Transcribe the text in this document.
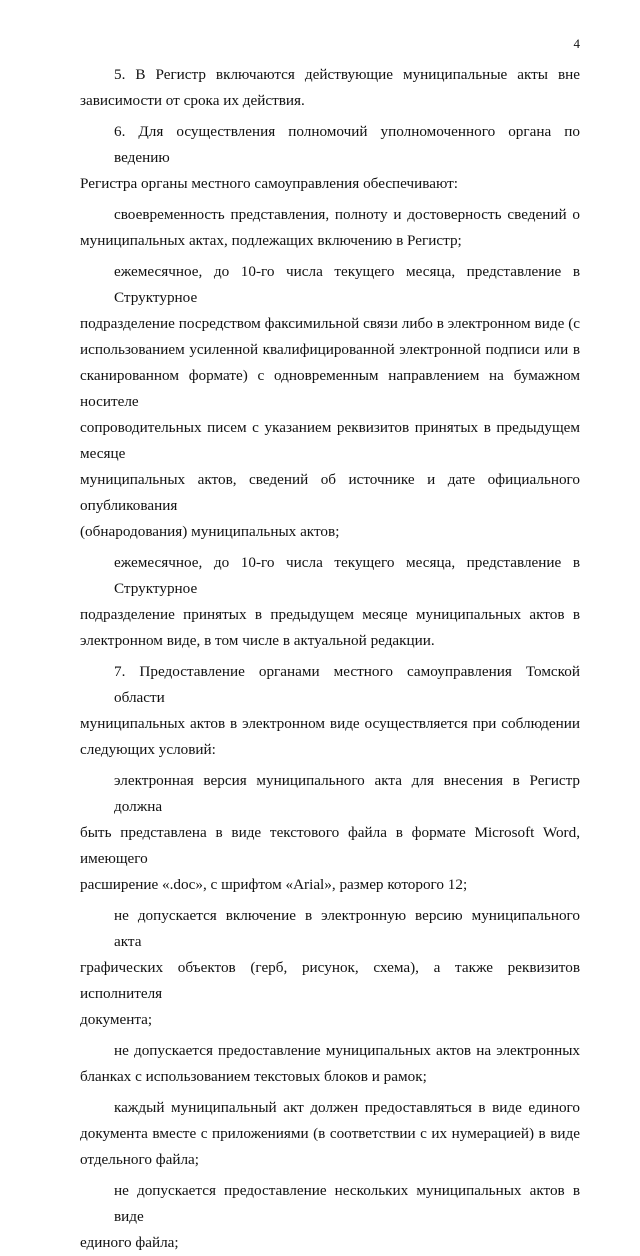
4
5. В Регистр включаются действующие муниципальные акты вне
зависимости от срока их действия.
6. Для осуществления полномочий уполномоченного органа по ведению
Регистра органы местного самоуправления обеспечивают:
своевременность представления, полноту и достоверность сведений о
муниципальных актах, подлежащих включению в Регистр;
ежемесячное, до 10-го числа текущего месяца, представление в Структурное
подразделение посредством факсимильной связи либо в электронном виде (с
использованием усиленной квалифицированной электронной подписи или в
сканированном формате) с одновременным направлением на бумажном носителе
сопроводительных писем с указанием реквизитов принятых в предыдущем месяце
муниципальных актов, сведений об источнике и дате официального опубликования
(обнародования) муниципальных актов;
ежемесячное, до 10-го числа текущего месяца, представление в Структурное
подразделение принятых в предыдущем месяце муниципальных актов в
электронном виде, в том числе в актуальной редакции.
7. Предоставление органами местного самоуправления Томской области
муниципальных актов в электронном виде осуществляется при соблюдении
следующих условий:
электронная версия муниципального акта для внесения в Регистр должна
быть представлена в виде текстового файла в формате Microsoft Word, имеющего
расширение «.doc», с шрифтом «Arial», размер которого 12;
не допускается включение в электронную версию муниципального акта
графических объектов (герб, рисунок, схема), а также реквизитов исполнителя
документа;
не допускается предоставление муниципальных актов на электронных
бланках с использованием текстовых блоков и рамок;
каждый муниципальный акт должен предоставляться в виде единого
документа вместе с приложениями (в соответствии с их нумерацией) в виде
отдельного файла;
не допускается предоставление нескольких муниципальных актов в виде
единого файла;
